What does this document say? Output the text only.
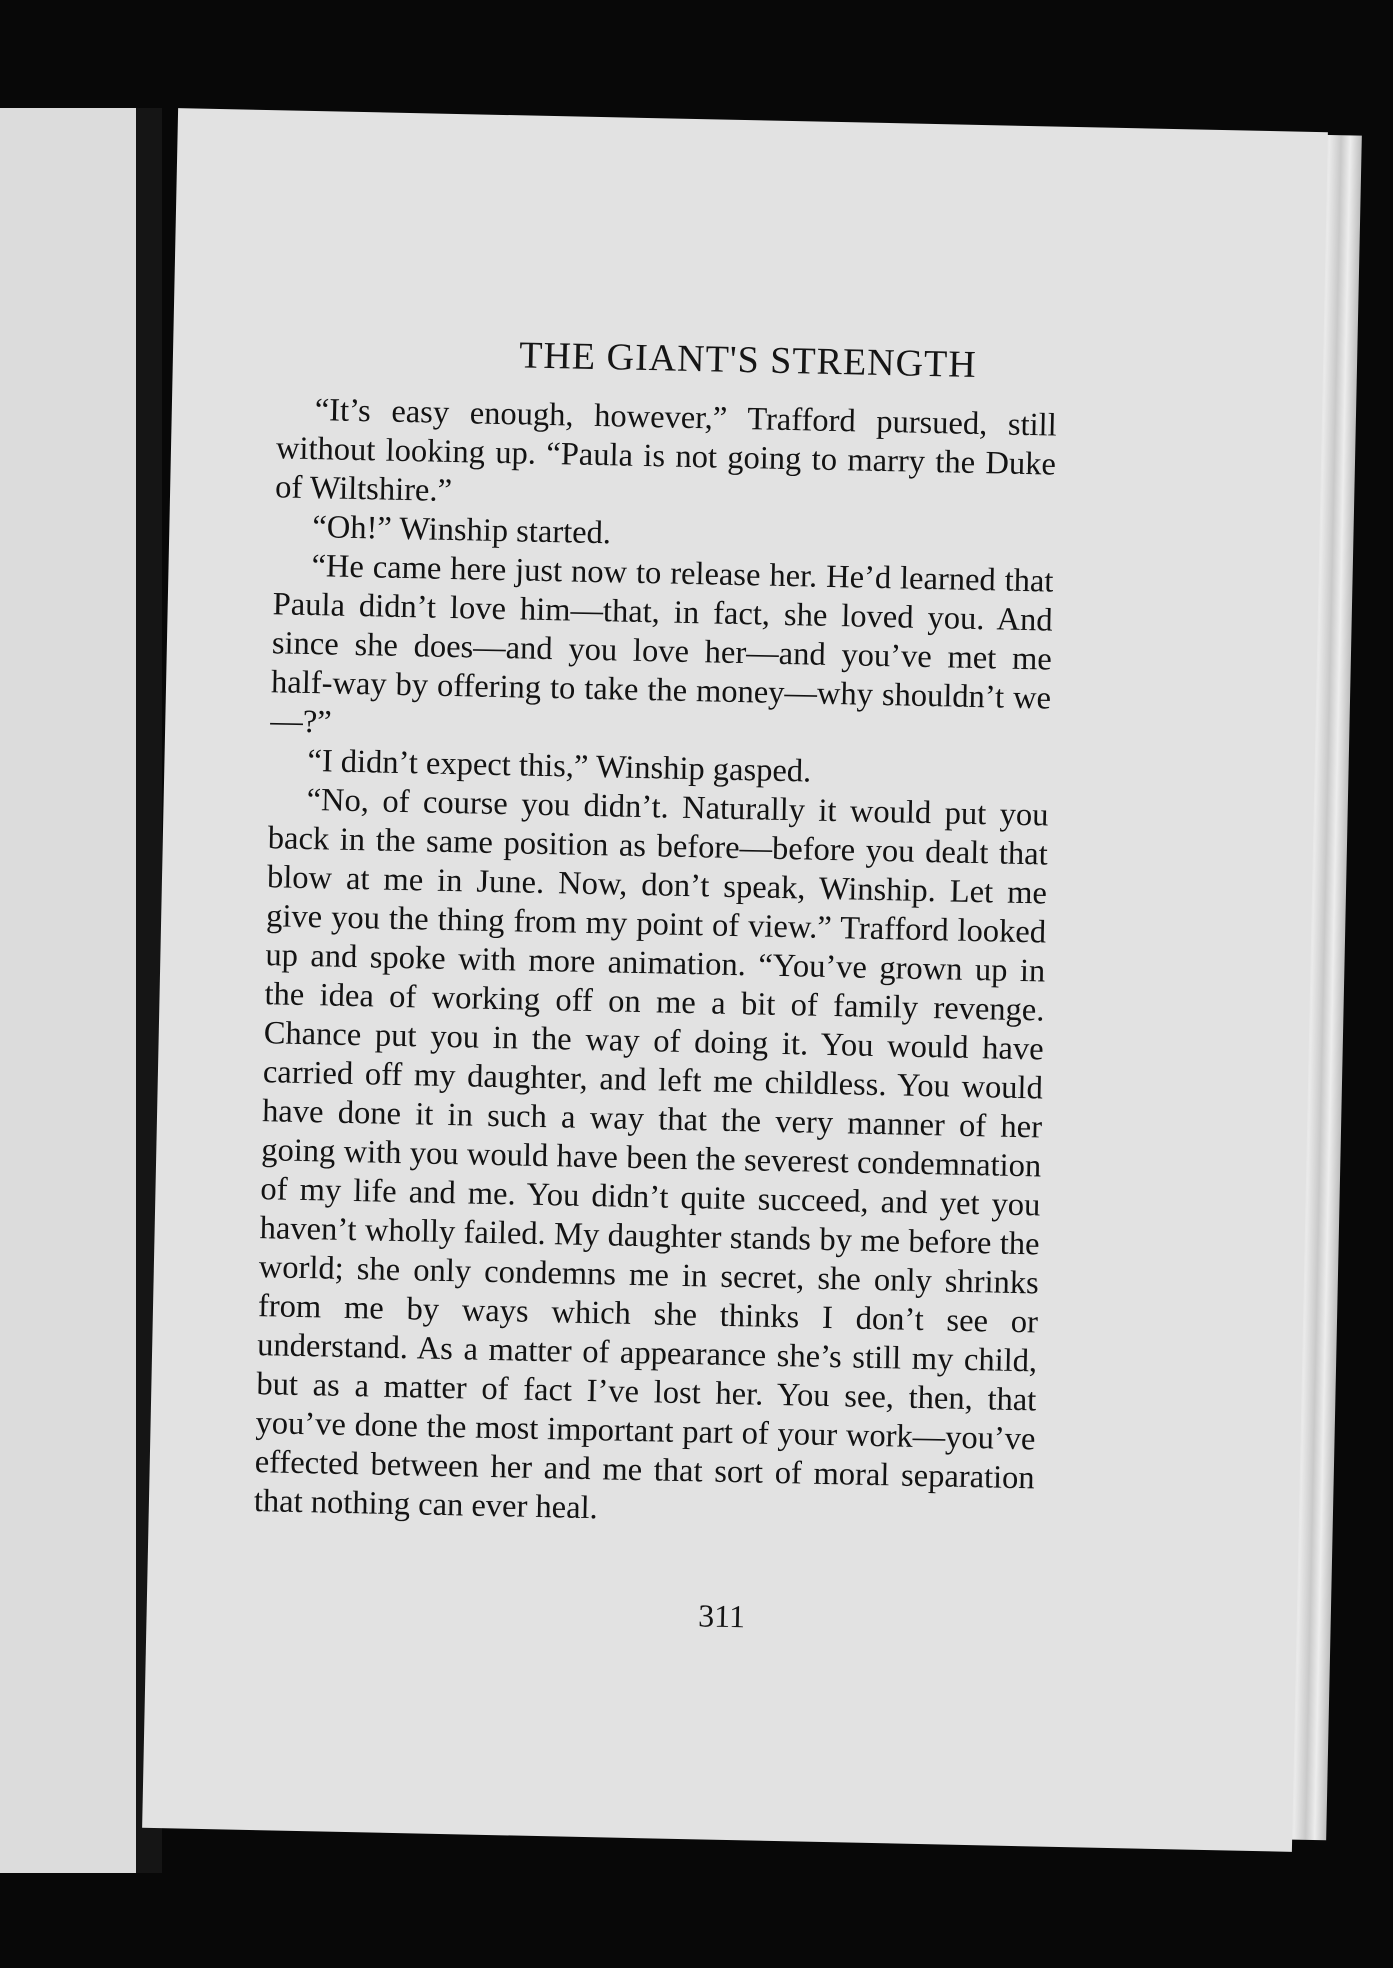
THE GIANT'S STRENGTH

“It’s easy enough, however,” Trafford pursued, still without looking up. “Paula is not going to marry the Duke of Wiltshire.”

“Oh!” Winship started.

“He came here just now to release her. He’d learned that Paula didn’t love him—that, in fact, she loved you. And since she does—and you love her—and you’ve met me half-way by offering to take the money—why shouldn’t we—?”

“I didn’t expect this,” Winship gasped.

“No, of course you didn’t. Naturally it would put you back in the same position as before—before you dealt that blow at me in June. Now, don’t speak, Winship. Let me give you the thing from my point of view.” Trafford looked up and spoke with more animation. “You’ve grown up in the idea of working off on me a bit of family revenge. Chance put you in the way of doing it. You would have carried off my daughter, and left me childless. You would have done it in such a way that the very manner of her going with you would have been the severest condemnation of my life and me. You didn’t quite succeed, and yet you haven’t wholly failed. My daughter stands by me before the world; she only condemns me in secret, she only shrinks from me by ways which she thinks I don’t see or understand. As a matter of appearance she’s still my child, but as a matter of fact I’ve lost her. You see, then, that you’ve done the most important part of your work—you’ve effected between her and me that sort of moral separation that nothing can ever heal.

311
